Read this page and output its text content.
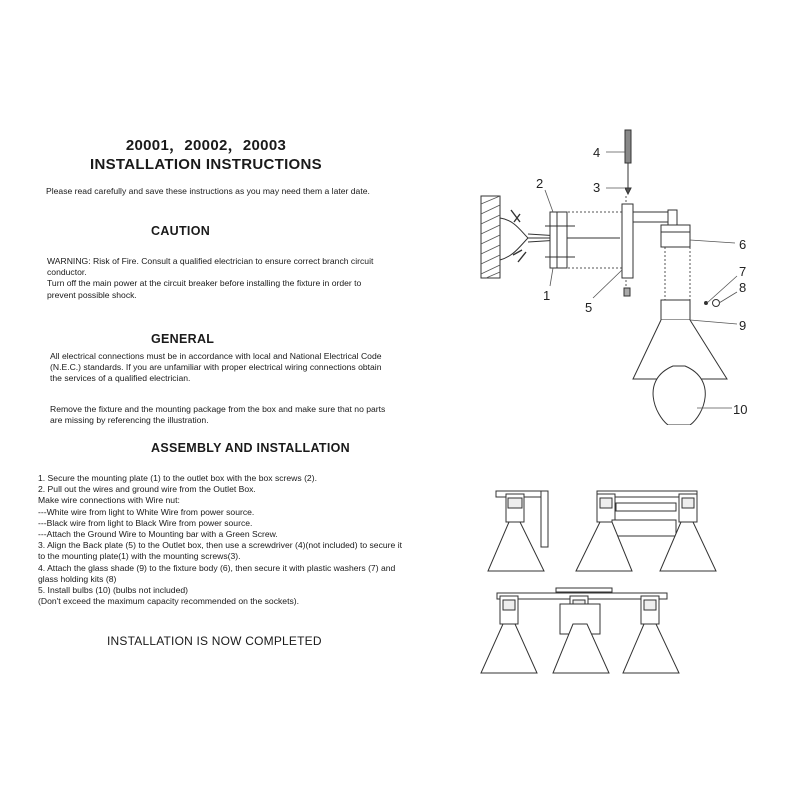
20001，20002，20003
INSTALLATION INSTRUCTIONS
Please read carefully and save these instructions as you may need them a later date.
CAUTION
WARNING: Risk of Fire. Consult a qualified electrician to ensure correct branch circuit
conductor.
Turn off the main power at the circuit breaker before installing the fixture in order to
prevent possible shock.
GENERAL
All electrical connections must be in accordance with local and National Electrical Code
(N.E.C.) standards. If you are unfamiliar with proper electrical wiring connections obtain
the services of a qualified electrician.
Remove the fixture and the mounting package from the box and make sure that no parts
are missing by referencing the illustration.
ASSEMBLY AND INSTALLATION
1. Secure the mounting plate (1) to the outlet box with the box screws (2).
2. Pull out the wires and ground wire from the Outlet Box.
Make wire connections with Wire nut:
---White wire from light to White Wire from power source.
---Black wire from light to Black Wire from power source.
---Attach the Ground Wire to Mounting bar with a Green Screw.
3. Align the Back plate (5) to the Outlet box, then use a screwdriver (4)(not included) to secure it
to the mounting plate(1) with the mounting screws(3).
4. Attach the glass shade (9) to the fixture body (6), then secure it with plastic washers (7) and
glass holding kits (8)
5. Install bulbs (10) (bulbs not included)
(Don't exceed the maximum capacity recommended on the sockets).
INSTALLATION IS NOW COMPLETED
2
1
4
3
5
6
7
8
9
10
